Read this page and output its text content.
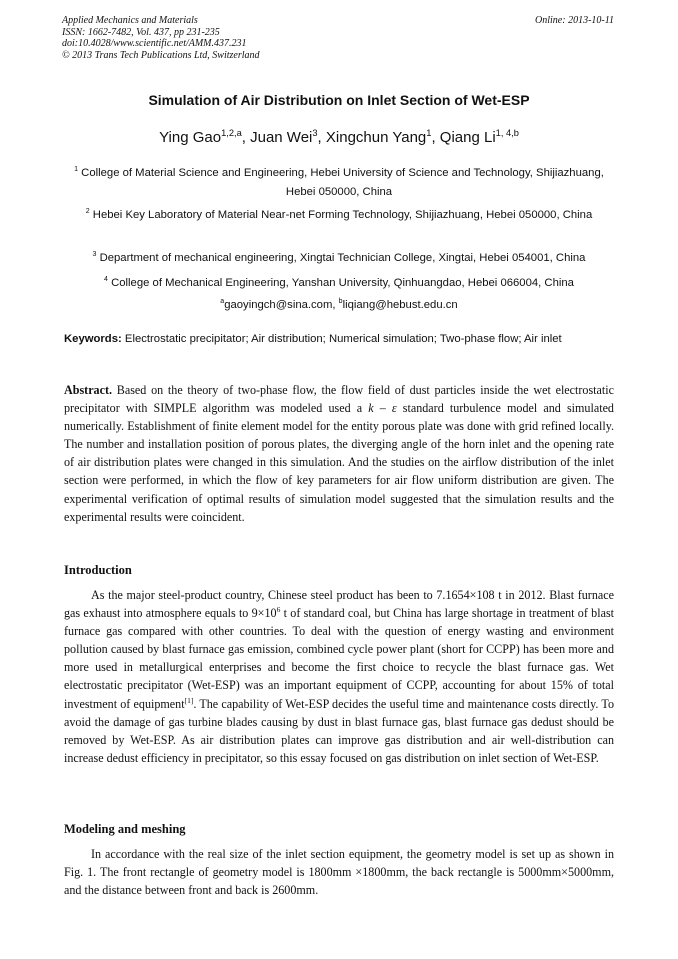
Applied Mechanics and Materials
ISSN: 1662-7482, Vol. 437, pp 231-235
doi:10.4028/www.scientific.net/AMM.437.231
© 2013 Trans Tech Publications Ltd, Switzerland
Online: 2013-10-11
Simulation of Air Distribution on Inlet Section of Wet-ESP
Ying Gao$^{1,2,a}$, Juan Wei$^3$, Xingchun Yang$^1$, Qiang Li$^{1, 4,b}$
$^1$ College of Material Science and Engineering, Hebei University of Science and Technology, Shijiazhuang, Hebei 050000, China
$^2$ Hebei Key Laboratory of Material Near-net Forming Technology, Shijiazhuang, Hebei 050000, China
$^3$ Department of mechanical engineering, Xingtai Technician College, Xingtai, Hebei 054001, China
$^4$ College of Mechanical Engineering, Yanshan University, Qinhuangdao, Hebei 066004, China
$^a$gaoyingch@sina.com, $^b$liqiang@hebust.edu.cn
Keywords: Electrostatic precipitator; Air distribution; Numerical simulation; Two-phase flow; Air inlet
Abstract. Based on the theory of two-phase flow, the flow field of dust particles inside the wet electrostatic precipitator with SIMPLE algorithm was modeled used a k – ε standard turbulence model and simulated numerically. Establishment of finite element model for the entity porous plate was done with grid refined locally. The number and installation position of porous plates, the diverging angle of the horn inlet and the opening rate of air distribution plates were changed in this simulation. And the studies on the airflow distribution of the inlet section were performed, in which the flow of key parameters for air flow uniform distribution are given. The experimental verification of optimal results of simulation model suggested that the simulation results and the experimental results were coincident.
Introduction
As the major steel-product country, Chinese steel product has been to 7.1654×108 t in 2012. Blast furnace gas exhaust into atmosphere equals to $9\times 10^6$ t of standard coal, but China has large shortage in treatment of blast furnace gas compared with other countries. To deal with the question of energy wasting and environment pollution caused by blast furnace gas emission, combined cycle power plant (short for CCPP) has been more and more used in metallurgical enterprises and become the first choice to recycle the blast furnace gas. Wet electrostatic precipitator (Wet-ESP) was an important equipment of CCPP, accounting for about 15% of total investment of equipment[1]. The capability of Wet-ESP decides the useful time and maintenance costs directly. To avoid the damage of gas turbine blades causing by dust in blast furnace gas, blast furnace gas dedust should be removed by Wet-ESP. As air distribution plates can improve gas distribution and air well-distribution can increase dedust efficiency in precipitator, so this essay focused on gas distribution on inlet section of Wet-ESP.
Modeling and meshing
In accordance with the real size of the inlet section equipment, the geometry model is set up as shown in Fig. 1. The front rectangle of geometry model is 1800mm ×1800mm, the back rectangle is 5000mm×5000mm, and the distance between front and back is 2600mm.
